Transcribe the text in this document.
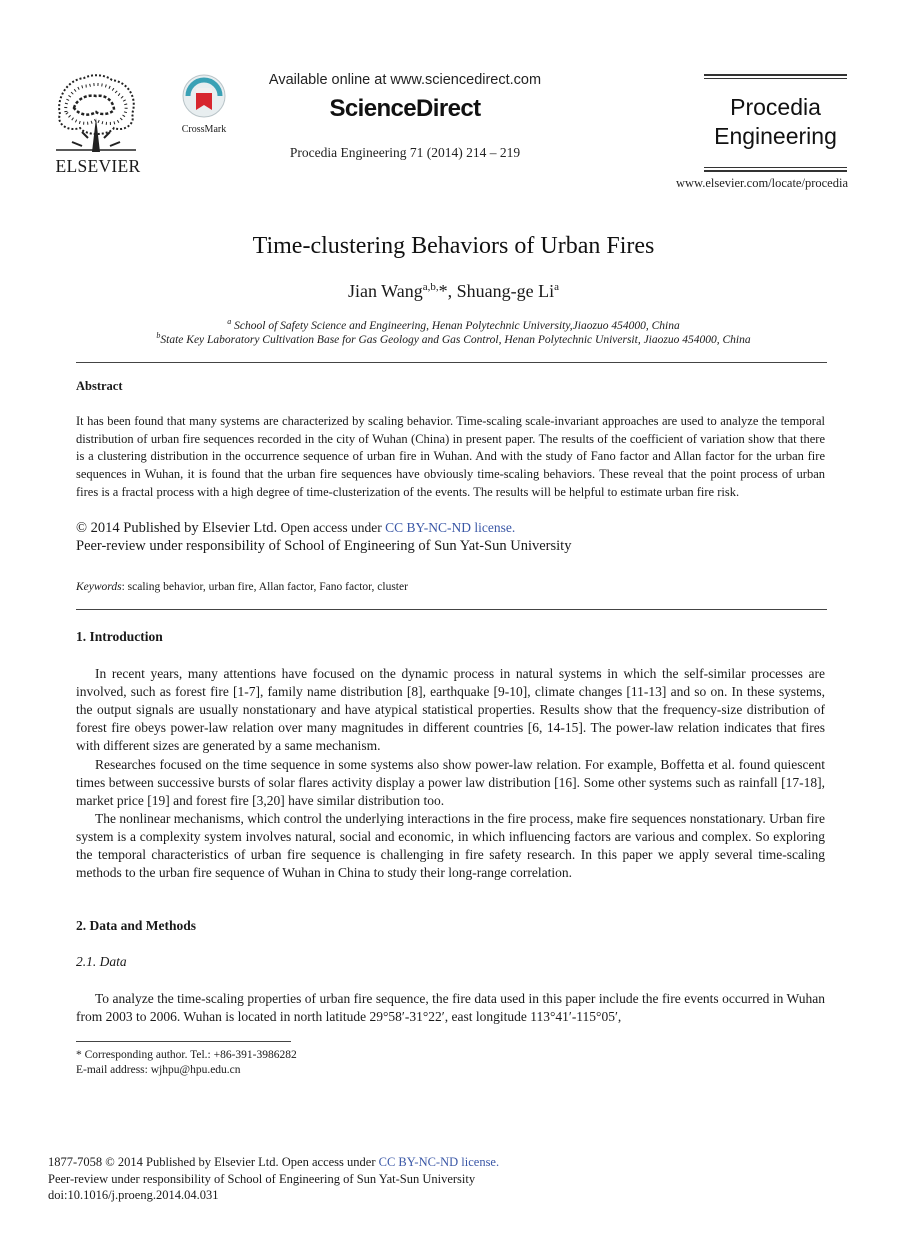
ELSEVIER
CrossMark
Available online at www.sciencedirect.com
ScienceDirect
Procedia Engineering 71 (2014) 214 – 219
Procedia
Engineering
www.elsevier.com/locate/procedia
Time-clustering Behaviors of Urban Fires
Jian Wang$^{a,b,}$*, Shuang-ge Li$^a$
$^a$ School of Safety Science and Engineering, Henan Polytechnic University,Jiaozuo 454000, China
$^b$State Key Laboratory Cultivation Base for Gas Geology and Gas Control, Henan Polytechnic Universit, Jiaozuo 454000, China
Abstract
It has been found that many systems are characterized by scaling behavior. Time-scaling scale-invariant approaches are used to analyze the temporal distribution of urban fire sequences recorded in the city of Wuhan (China) in present paper. The results of the coefficient of variation show that there is a clustering distribution in the occurrence sequence of urban fire in Wuhan. And with the study of Fano factor and Allan factor for the urban fire sequences in Wuhan, it is found that the urban fire sequences have obviously time-scaling behaviors. These reveal that the point process of urban fires is a fractal process with a high degree of time-clusterization of the events. The results will be helpful to estimate urban fire risk.
© 2014 Published by Elsevier Ltd. Open access under CC BY-NC-ND license.
Peer-review under responsibility of School of Engineering of Sun Yat-Sun University
Keywords: scaling behavior, urban fire, Allan factor, Fano factor, cluster
1. Introduction
In recent years, many attentions have focused on the dynamic process in natural systems in which the self-similar processes are involved, such as forest fire [1-7], family name distribution [8], earthquake [9-10], climate changes [11-13] and so on. In these systems, the output signals are usually nonstationary and have atypical statistical properties. Results show that the frequency-size distribution of forest fire obeys power-law relation over many magnitudes in different countries [6, 14-15]. The power-law relation indicates that fires with different sizes are generated by a same mechanism.
Researches focused on the time sequence in some systems also show power-law relation. For example, Boffetta et al. found quiescent times between successive bursts of solar flares activity display a power law distribution [16]. Some other systems such as rainfall [17-18], market price [19] and forest fire [3,20] have similar distribution too.
The nonlinear mechanisms, which control the underlying interactions in the fire process, make fire sequences nonstationary. Urban fire system is a complexity system involves natural, social and economic, in which influencing factors are various and complex. So exploring the temporal characteristics of urban fire sequence is challenging in fire safety research. In this paper we apply several time-scaling methods to the urban fire sequence of Wuhan in China to study their long-range correlation.
2. Data and Methods
2.1. Data
To analyze the time-scaling properties of urban fire sequence, the fire data used in this paper include the fire events occurred in Wuhan from 2003 to 2006. Wuhan is located in north latitude 29°58′-31°22′, east longitude 113°41′-115°05′,
* Corresponding author. Tel.: +86-391-3986282
E-mail address: wjhpu@hpu.edu.cn
1877-7058 © 2014 Published by Elsevier Ltd. Open access under CC BY-NC-ND license.
Peer-review under responsibility of School of Engineering of Sun Yat-Sun University
doi:10.1016/j.proeng.2014.04.031
